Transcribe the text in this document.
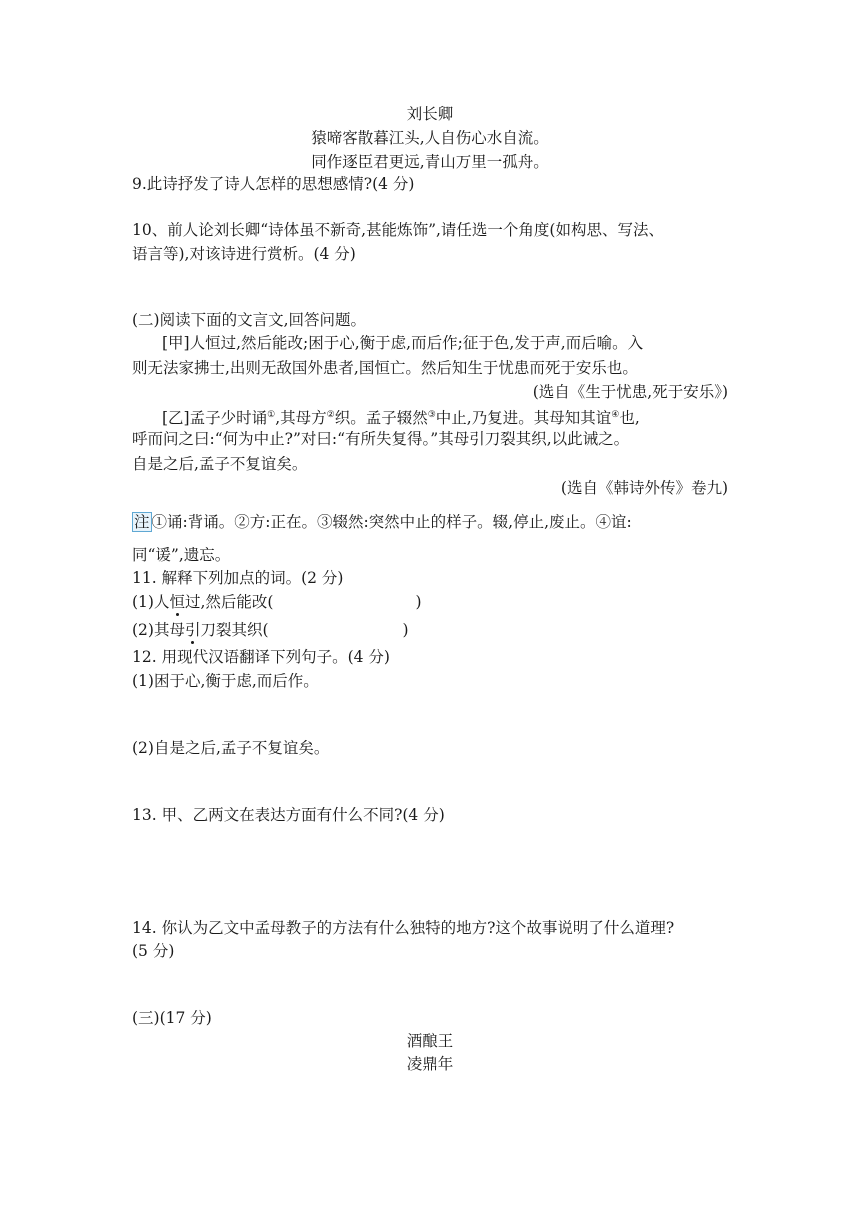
刘长卿
猿啼客散暮江头,人自伤心水自流。
同作逐臣君更远,青山万里一孤舟。
9.此诗抒发了诗人怎样的思想感情?(4 分)
10、前人论刘长卿“诗体虽不新奇,甚能炼饰”,请任选一个角度(如构思、写法、
语言等),对该诗进行赏析。(4 分)
(二)阅读下面的文言文,回答问题。
[甲]人恒过,然后能改;困于心,衡于虑,而后作;征于色,发于声,而后喻。入
则无法家拂士,出则无敌国外患者,国恒亡。然后知生于忧患而死于安乐也。
(选自《生于忧患,死于安乐》)
[乙]孟子少时诵①,其母方②织。孟子辍然③中止,乃复进。其母知其谊④也,
呼而问之曰:“何为中止?”对曰:“有所失复得。”其母引刀裂其织,以此诫之。
自是之后,孟子不复谊矣。
(选自《韩诗外传》卷九)
注 ①诵:背诵。②方:正在。③辍然:突然中止的样子。辍,停止,废止。④谊:
同“谖”,遗忘。
11. 解释下列加点的词。(2 分)
(1)人恒过,然后能改(	)
(2)其母引刀裂其织(	)
12. 用现代汉语翻译下列句子。(4 分)
(1)困于心,衡于虑,而后作。
(2)自是之后,孟子不复谊矣。
13. 甲、乙两文在表达方面有什么不同?(4 分)
14. 你认为乙文中孟母教子的方法有什么独特的地方?这个故事说明了什么道理?
(5 分)
(三)(17 分)
酒酿王
凌鼎年
